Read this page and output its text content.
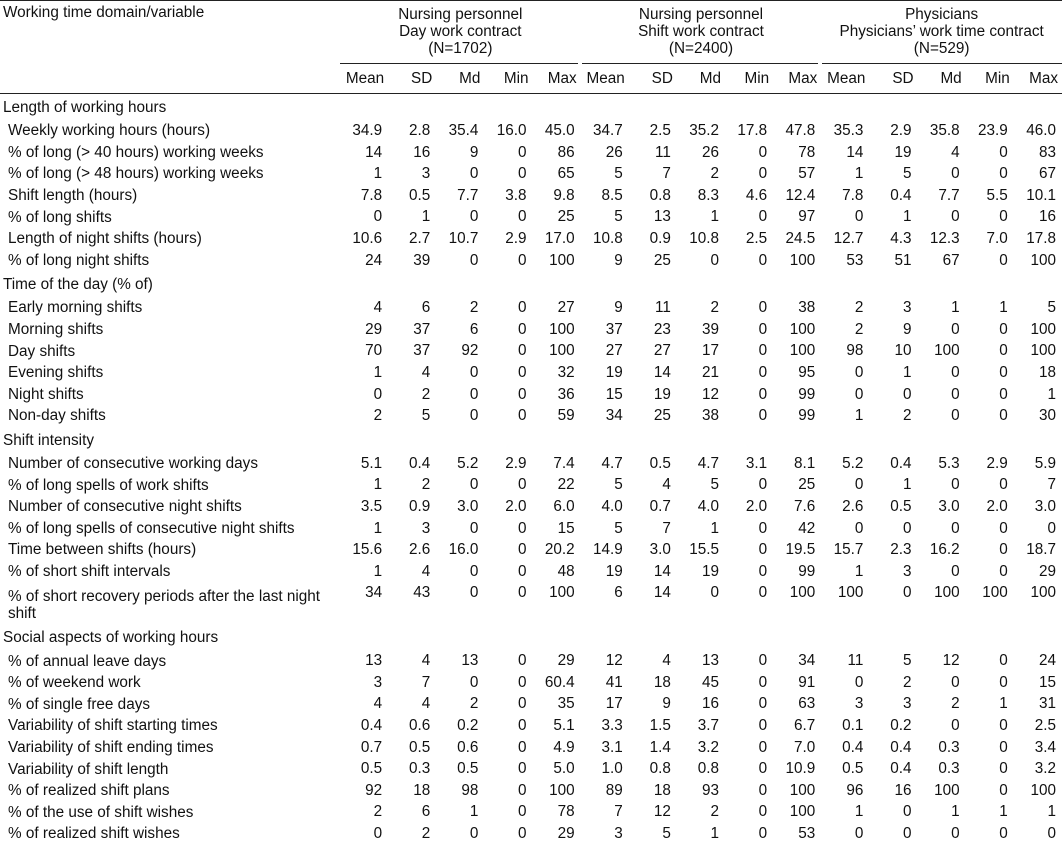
Working time domain/variable	Nursing personnel
Day work contract
(N=1702)					Nursing personnel
Shift work contract
(N=2400)					Physicians
Physicians’ work time contract
(N=529)				

	Mean	SD	Md	Min	Max	Mean	SD	Md	Min	Max	Mean	SD	Md	Min	Max
Length of working hours															
Weekly working hours (hours)	34.9	2.8	35.4	16.0	45.0	34.7	2.5	35.2	17.8	47.8	35.3	2.9	35.8	23.9	46.0
% of long (> 40 hours) working weeks	14	16	9	0	86	26	11	26	0	78	14	19	4	0	83
% of long (> 48 hours) working weeks	1	3	0	0	65	5	7	2	0	57	1	5	0	0	67
Shift length (hours)	7.8	0.5	7.7	3.8	9.8	8.5	0.8	8.3	4.6	12.4	7.8	0.4	7.7	5.5	10.1
% of long shifts	0	1	0	0	25	5	13	1	0	97	0	1	0	0	16
Length of night shifts (hours)	10.6	2.7	10.7	2.9	17.0	10.8	0.9	10.8	2.5	24.5	12.7	4.3	12.3	7.0	17.8
% of long night shifts	24	39	0	0	100	9	25	0	0	100	53	51	67	0	100
Time of the day (% of)															
Early morning shifts	4	6	2	0	27	9	11	2	0	38	2	3	1	1	5
Morning shifts	29	37	6	0	100	37	23	39	0	100	2	9	0	0	100
Day shifts	70	37	92	0	100	27	27	17	0	100	98	10	100	0	100
Evening shifts	1	4	0	0	32	19	14	21	0	95	0	1	0	0	18
Night shifts	0	2	0	0	36	15	19	12	0	99	0	0	0	0	1
Non-day shifts	2	5	0	0	59	34	25	38	0	99	1	2	0	0	30
Shift intensity															
Number of consecutive working days	5.1	0.4	5.2	2.9	7.4	4.7	0.5	4.7	3.1	8.1	5.2	0.4	5.3	2.9	5.9
% of long spells of work shifts	1	2	0	0	22	5	4	5	0	25	0	1	0	0	7
Number of consecutive night shifts	3.5	0.9	3.0	2.0	6.0	4.0	0.7	4.0	2.0	7.6	2.6	0.5	3.0	2.0	3.0
% of long spells of consecutive night shifts	1	3	0	0	15	5	7	1	0	42	0	0	0	0	0
Time between shifts (hours)	15.6	2.6	16.0	0	20.2	14.9	3.0	15.5	0	19.5	15.7	2.3	16.2	0	18.7
% of short shift intervals	1	4	0	0	48	19	14	19	0	99	1	3	0	0	29
% of short recovery periods after the last night shift	34	43	0	0	100	6	14	0	0	100	100	0	100	100	100
Social aspects of working hours															
% of annual leave days	13	4	13	0	29	12	4	13	0	34	11	5	12	0	24
% of weekend work	3	7	0	0	60.4	41	18	45	0	91	0	2	0	0	15
% of single free days	4	4	2	0	35	17	9	16	0	63	3	3	2	1	31
Variability of shift starting times	0.4	0.6	0.2	0	5.1	3.3	1.5	3.7	0	6.7	0.1	0.2	0	0	2.5
Variability of shift ending times	0.7	0.5	0.6	0	4.9	3.1	1.4	3.2	0	7.0	0.4	0.4	0.3	0	3.4
Variability of shift length	0.5	0.3	0.5	0	5.0	1.0	0.8	0.8	0	10.9	0.5	0.4	0.3	0	3.2
% of realized shift plans	92	18	98	0	100	89	18	93	0	100	96	16	100	0	100
% of the use of shift wishes	2	6	1	0	78	7	12	2	0	100	1	0	1	1	1
% of realized shift wishes	0	2	0	0	29	3	5	1	0	53	0	0	0	0	0
